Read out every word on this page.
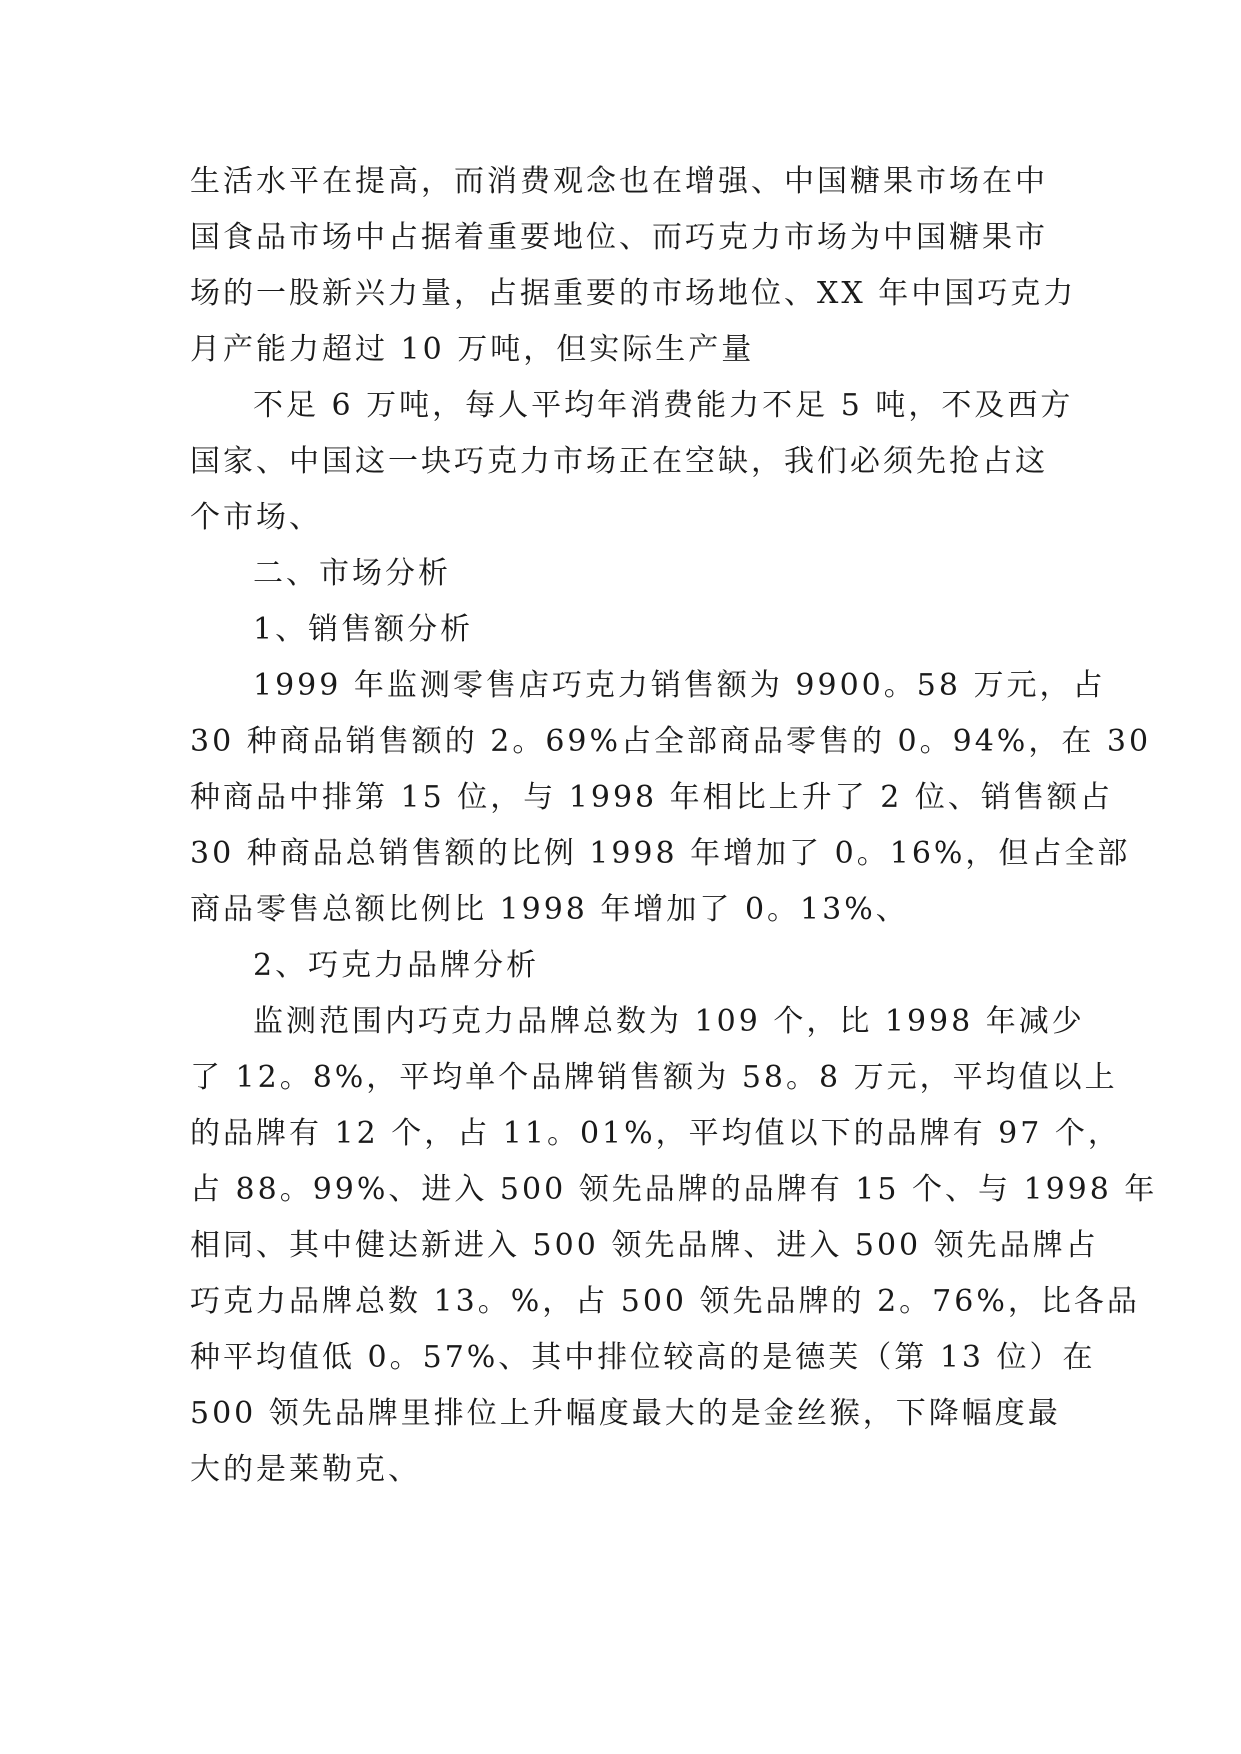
生活水平在提高，而消费观念也在增强、中国糖果市场在中
国食品市场中占据着重要地位、而巧克力市场为中国糖果市
场的一股新兴力量，占据重要的市场地位、XX 年中国巧克力
月产能力超过 10 万吨，但实际生产量
不足 6 万吨，每人平均年消费能力不足 5 吨，不及西方
国家、中国这一块巧克力市场正在空缺，我们必须先抢占这
个市场、
二、市场分析
1、销售额分析
1999 年监测零售店巧克力销售额为 9900。58 万元，占
30 种商品销售额的 2。69%占全部商品零售的 0。94%，在 30
种商品中排第 15 位，与 1998 年相比上升了 2 位、销售额占
30 种商品总销售额的比例 1998 年增加了 0。16%，但占全部
商品零售总额比例比 1998 年增加了 0。13%、
2、巧克力品牌分析
监测范围内巧克力品牌总数为 109 个，比 1998 年减少
了 12。8%，平均单个品牌销售额为 58。8 万元，平均值以上
的品牌有 12 个，占 11。01%，平均值以下的品牌有 97 个，
占 88。99%、进入 500 领先品牌的品牌有 15 个、与 1998 年
相同、其中健达新进入 500 领先品牌、进入 500 领先品牌占
巧克力品牌总数 13。%，占 500 领先品牌的 2。76%，比各品
种平均值低 0。57%、其中排位较高的是德芙（第 13 位）在
500 领先品牌里排位上升幅度最大的是金丝猴，下降幅度最
大的是莱勒克、
